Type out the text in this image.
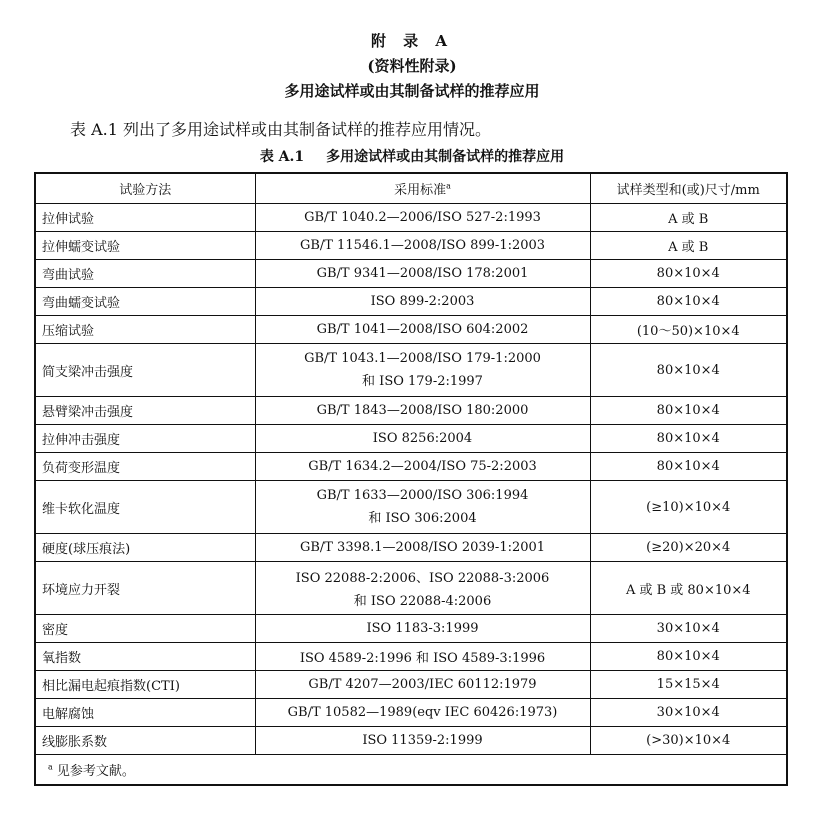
附 录 A
(资料性附录)
多用途试样或由其制备试样的推荐应用
表 A.1 列出了多用途试样或由其制备试样的推荐应用情况。
表 A.1 多用途试样或由其制备试样的推荐应用
试验方法	采用标准$^a$	试样类型和(或)尺寸/mm
拉伸试验	GB/T 1040.2—2006/ISO 527-2:1993	A 或 B
拉伸蠕变试验	GB/T 11546.1—2008/ISO 899-1:2003	A 或 B
弯曲试验	GB/T 9341—2008/ISO 178:2001	80×10×4
弯曲蠕变试验	ISO 899-2:2003	80×10×4
压缩试验	GB/T 1041—2008/ISO 604:2002	(10～50)×10×4
简支梁冲击强度	GB/T 1043.1—2008/ISO 179-1:2000
和 ISO 179-2:1997	80×10×4
悬臂梁冲击强度	GB/T 1843—2008/ISO 180:2000	80×10×4
拉伸冲击强度	ISO 8256:2004	80×10×4
负荷变形温度	GB/T 1634.2—2004/ISO 75-2:2003	80×10×4
维卡软化温度	GB/T 1633—2000/ISO 306:1994
和 ISO 306:2004	(≥10)×10×4
硬度(球压痕法)	GB/T 3398.1—2008/ISO 2039-1:2001	(≥20)×20×4
环境应力开裂	ISO 22088-2:2006、ISO 22088-3:2006
和 ISO 22088-4:2006	A 或 B 或 80×10×4
密度	ISO 1183-3:1999	30×10×4
氧指数	ISO 4589-2:1996 和 ISO 4589-3:1996	80×10×4
相比漏电起痕指数(CTI)	GB/T 4207—2003/IEC 60112:1979	15×15×4
电解腐蚀	GB/T 10582—1989(eqv IEC 60426:1973)	30×10×4
线膨胀系数	ISO 11359-2:1999	(>30)×10×4
$^a$ 见参考文献。		
